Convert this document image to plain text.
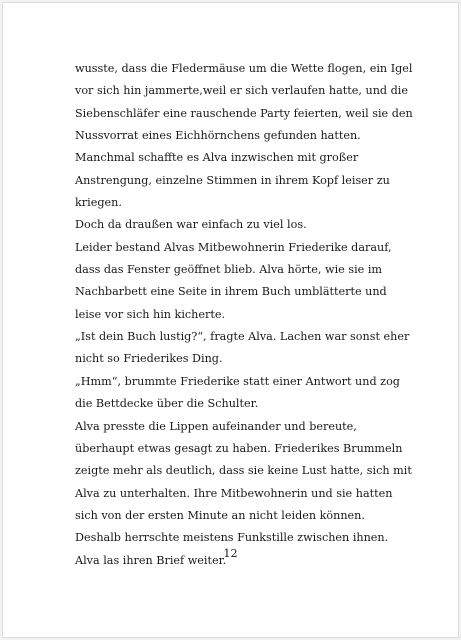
wusste, dass die Fledermäuse um die Wette flogen, ein Igel
vor sich hin jammerte,weil er sich verlaufen hatte, und die
Siebenschläfer eine rauschende Party feierten, weil sie den
Nussvorrat eines Eichhörnchens gefunden hatten.
Manchmal schaffte es Alva inzwischen mit großer
Anstrengung, einzelne Stimmen in ihrem Kopf leiser zu
kriegen.
Doch da draußen war einfach zu viel los.
Leider bestand Alvas Mitbewohnerin Friederike darauf,
dass das Fenster geöffnet blieb. Alva hörte, wie sie im
Nachbarbett eine Seite in ihrem Buch umblätterte und
leise vor sich hin kicherte.
„Ist dein Buch lustig?“, fragte Alva. Lachen war sonst eher
nicht so Friederikes Ding.
„Hmm“, brummte Friederike statt einer Antwort und zog
die Bettdecke über die Schulter.
Alva presste die Lippen aufeinander und bereute,
überhaupt etwas gesagt zu haben. Friederikes Brummeln
zeigte mehr als deutlich, dass sie keine Lust hatte, sich mit
Alva zu unterhalten. Ihre Mitbewohnerin und sie hatten
sich von der ersten Minute an nicht leiden können.
Deshalb herrschte meistens Funkstille zwischen ihnen.
Alva las ihren Brief weiter.
12
